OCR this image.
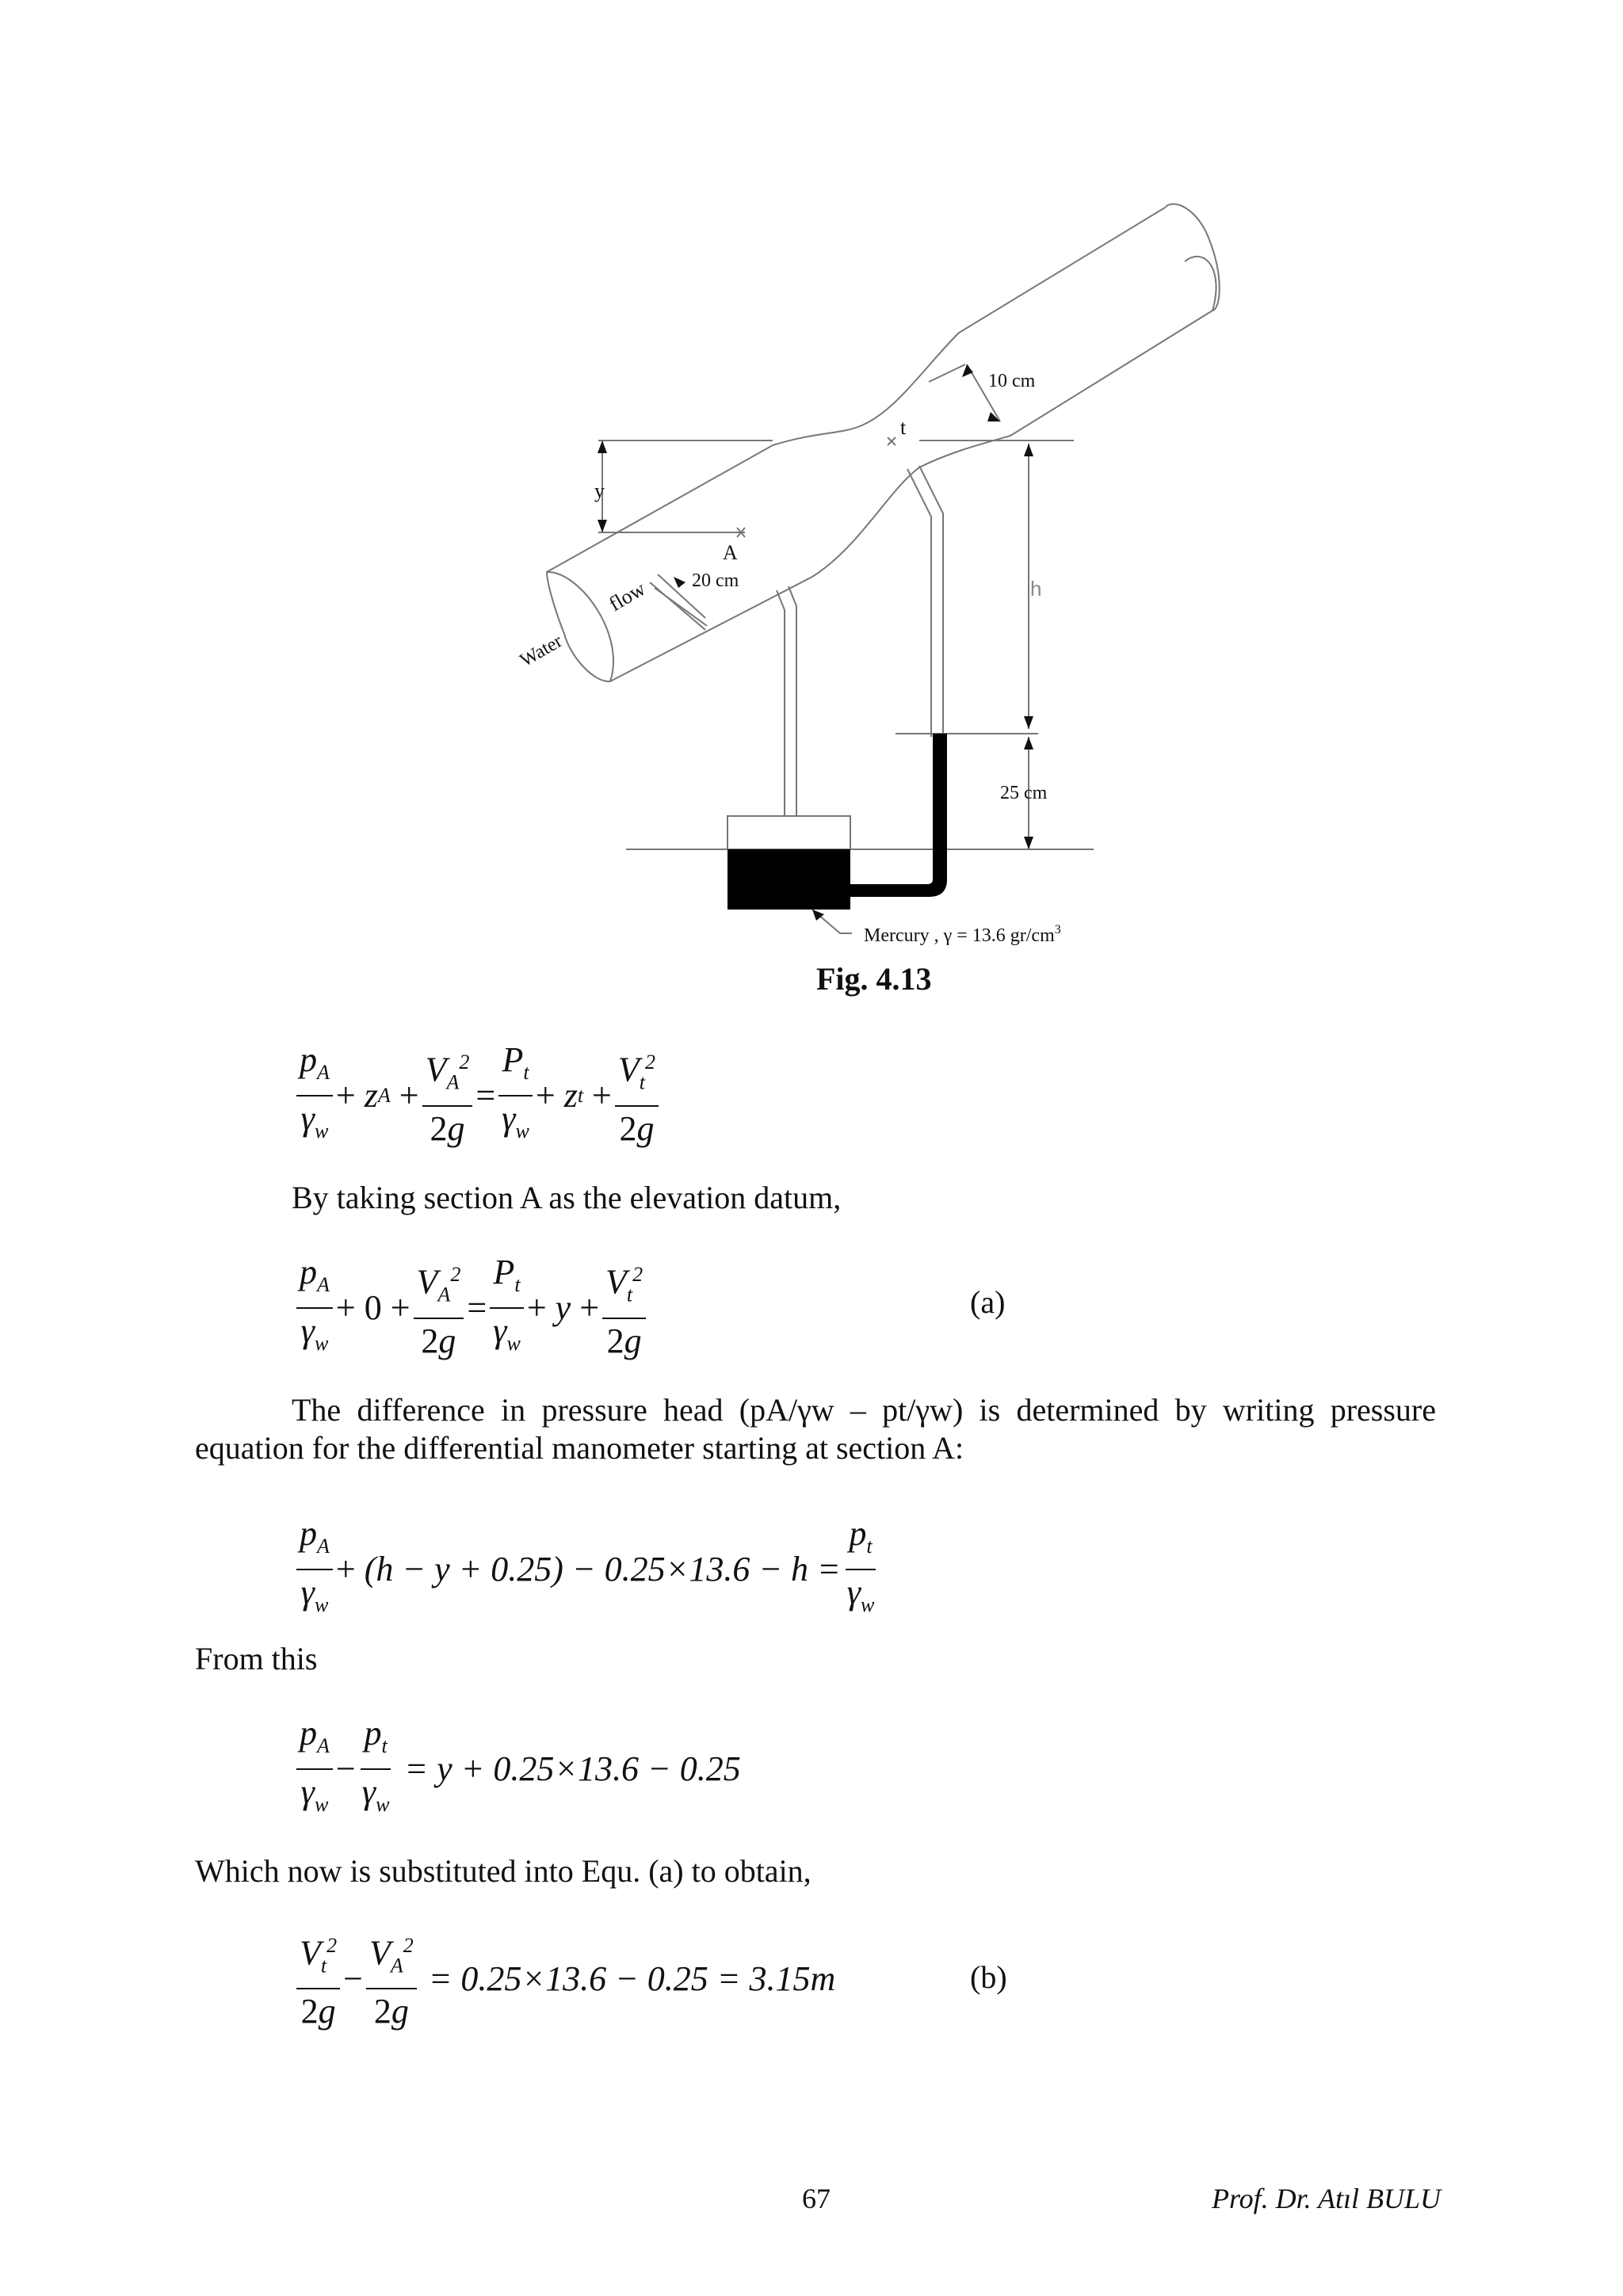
10 cm
t
y
A
20 cm
flow
Water
h
25 cm
Mercury , γ = 13.6 $gr/cm^3$
Fig. 4.13
$\frac{p_A}{\gamma_w} + z$ A
+ $\frac{V_A^2}{2g} = \frac{P_t}{\gamma_w} + z$ t
+ $\frac{V_t^2}{2g}$
By taking section A as the elevation datum,
$\frac{p_A}{\gamma_w} + 0 + \frac{V_A^2}{2g} = \frac{P_t}{\gamma_w} + y + \frac{V_t^2}{2g}$	(a)
The difference in pressure head (pA/γw – pt/γw) is determined by writing pressure
equation for the differential manometer starting at section A:
$\frac{p_A}{\gamma_w}$ +
$(h - y + 0.25) - 0.25\times 13.6 - h = \frac{p_t}{\gamma_w}$
From this
$\frac{p_A}{\gamma_w} - \frac{p_t}{\gamma_w}$
= y + 0.25×13.6 − 0.25
Which now is substituted into Equ. (a) to obtain,
$\frac{V_t^2}{2g} - \frac{V_A^2}{2g}$
= 0.25×13.6 − 0.25 = 3.15m	(b)
67	Prof. Dr. Atıl BULU
